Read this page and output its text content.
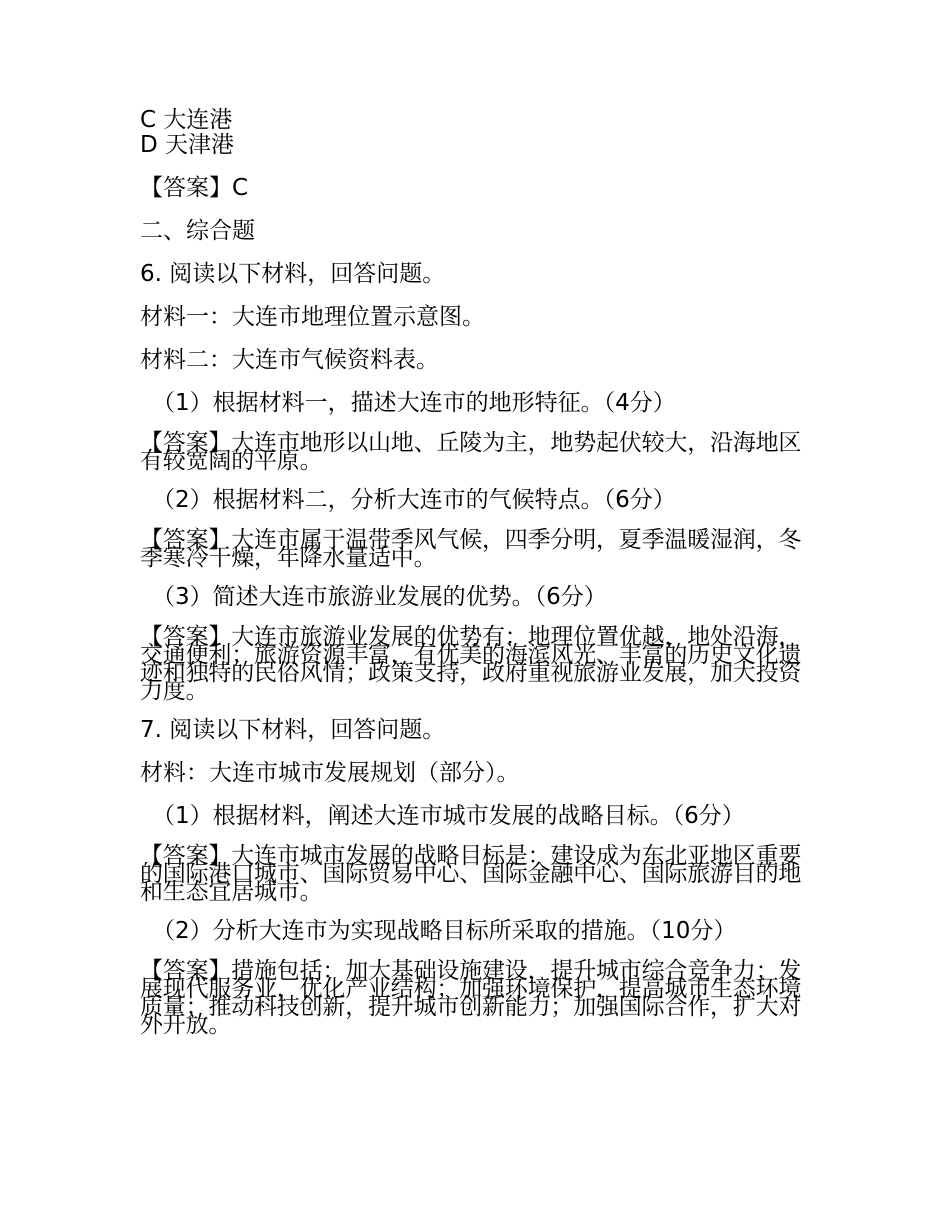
C 大连港
D 天津港
【答案】C
二、综合题
6. 阅读以下材料，回答问题。
材料一：大连市地理位置示意图。
材料二：大连市气候资料表。
（1）根据材料一，描述大连市的地形特征。（4分）
【答案】大连市地形以山地、丘陵为主，地势起伏较大，沿海地区有较宽阔的平原。
（2）根据材料二，分析大连市的气候特点。（6分）
【答案】大连市属于温带季风气候，四季分明，夏季温暖湿润，冬季寒冷干燥，年降水量适中。
（3）简述大连市旅游业发展的优势。（6分）
【答案】大连市旅游业发展的优势有：地理位置优越，地处沿海，交通便利；旅游资源丰富，有优美的海滨风光、丰富的历史文化遗迹和独特的民俗风情；政策支持，政府重视旅游业发展，加大投资力度。
7. 阅读以下材料，回答问题。
材料：大连市城市发展规划（部分）。
（1）根据材料，阐述大连市城市发展的战略目标。（6分）
【答案】大连市城市发展的战略目标是：建设成为东北亚地区重要的国际港口城市、国际贸易中心、国际金融中心、国际旅游目的地和生态宜居城市。
（2）分析大连市为实现战略目标所采取的措施。（10分）
【答案】措施包括：加大基础设施建设，提升城市综合竞争力；发展现代服务业，优化产业结构；加强环境保护，提高城市生态环境质量；推动科技创新，提升城市创新能力；加强国际合作，扩大对外开放。
